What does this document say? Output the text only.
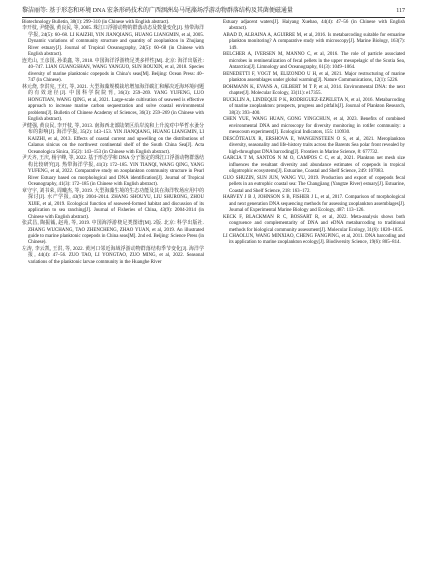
黎洁丽等: 基于形态和环境 DNA 宏条形码技术的广西涠洲岛马尾藻场浮游动物群落结构及其菌便磁通量	117

Biotechnology Bulletin, 38(1): 299–310 (in Chinese with English abstract).

李开枝, 尹健强, 黄良民, 等, 2005. 珠江口浮游动物的群落动态及数量变化[J]. 热带海洋学报, 24(5): 60–68. LI KAIZHI, YIN JIANQIANG, HUANG LIANGMIN, et al, 2005. Dynamic variations of community structure and quantity of zooplankton in Zhujiang River estuary[J]. Journal of Tropical Oceanography, 24(5): 60–68 (in Chinese with English abstract).

连光山, 王彦国, 孙柔鑫, 等, 2018. 中国海洋浮游桡足类多样性[M]. 北京: 海洋出版社: 40–747. LIAN GUANGSHAN, WANG YANGUO, SUN ROUXIN, et al, 2018. Species diversity of marine planktonic copepods in China’s seas[M]. Beijing: Ocean Press: 40–747 (in Chinese).

林元烧, 李洪宪, 王红, 等, 2021. 大型海藻规模栽培增加海洋碳汇和解决近海环境问题的有效途径[J]. 中国科学院院刊, 36(3): 259–269. YANG YUFENG, LUO HONGTIAN, WANG QING, et al, 2021. Large-scale cultivation of seaweed is effective approach to increase marine carbon sequestration and solve coastal environmental problems[J]. Bulletin of Chinese Academy of Sciences, 36(3): 259–269 (in Chinese with English abstract).

尹健强, 黄良民, 李开枝, 等, 2013. 南海西北部陆架区沿岸流和上升流对中华哲水蚤分布的影响[J]. 海洋学报, 35(2): 143–153. YIN JIANQIANG, HUANG LIANGMIN, LI KAIZHI, et al, 2013. Effects of coastal current and upwelling on the distributions of Calanus sinicus on the northwest continental shelf of the South China Sea[J]. Acta Oceanologica Sinica, 35(2): 143–153 (in Chinese with English abstract).

尹天齐, 王庆, 杨宇峰, 等, 2022. 基于形态学和 DNA 分子鉴定的珠江口浮游动物群落结构比较研究[J]. 热带海洋学报, 41(3): 172–185. YIN TIANQI, WANG QING, YANG YUFENG, et al, 2022. Comparative study on zooplankton community structure in Pearl River Estuary based on morphological and DNA identification[J]. Journal of Tropical Oceanography, 41(3): 172–185 (in Chinese with English abstract).

章守宇, 刘书荣, 周曦杰, 等, 2019. 大型海藻生境的生态功能及其在海洋牧场应用中的探讨[J]. 水产学报, 43(9): 2004–2014. ZHANG SHOUYU, LIU SHURONG, ZHOU XIJIE, et al, 2019. Ecological function of seaweed-formed habitat and discussion of its application to sea ranching[J]. Journal of Fisheries of China, 43(9): 2004-2014 (in Chinese with English abstract).

张武昌, 陶振铖, 赵苑, 等, 2019. 中国海浮游桡足类图谱[M]. 2版. 北京: 科学出版社. ZHANG WUCHANG, TAO ZHENCHENG, ZHAO YUAN, et al, 2019. An illustrated guide to marine planktonic copepods in China seas[M]. 2nd ed. Beijing: Science Press (in Chinese).

左涛, 李云凯, 王洪, 等, 2022. 黄河口邻近海域浮游动物群落结构季节变化[J]. 海洋学报, 44(4): 47–56. ZUO TAO, LI YONGTAO, ZUO MING, et al, 2022. Seasonal variations of the planktonic larvae community in the Huanghe River

Estuary adjacent waters[J]. Haiyang Xuebao, 44(4): 47–56 (in Chinese with English abstract).

ABAD D, ALBAINA A, AGUIRRE M, et al, 2016. Is metabarcoding suitable for estuarine plankton monitoring? A comparative study with microscopy[J]. Marine Biology, 163(7): 149.

BELCHER A, IVERSEN M, MANNO C, et al, 2016. The role of particle associated microbes in remineralization of fecal pellets in the upper mesopelagic of the Scotia Sea, Antarctica[J]. Limnology and Oceanography, 61(3): 1049–1064.

BENEDETTI F, VOGT M, ELIZONDO U H, et al, 2021. Major restructuring of marine plankton assemblages under global warming[J]. Nature Communications, 12(1): 5226.

BOHMANN K, EVANS A, GILBERT M T P, et al, 2014. Environmental DNA: the next chapter[J]. Molecular Ecology, 33(11): e17355.

BUCKLIN A, LINDEQUE P K, RODRIGUEZ-EZPELETA N, et al, 2016. Metabarcoding of marine zooplankton: prospects, progress and pitfalls[J]. Journal of Plankton Research, 38(3): 393–400.

CHEN YUE, WANG HUAN, GONG YINGCHUN, et al, 2023. Benefits of combined environmental DNA and microscopy for diversity monitoring in rotifer community: a mesocosm experiment[J]. Ecological Indicators, 155: 110930.

DESCÔTEAUX R, ERSHOVA E, WANGENSTEEN O S, et al, 2021. Meroplankton diversity, seasonality and life-history traits across the Barents Sea polar front revealed by high-throughput DNA barcoding[J]. Frontiers in Marine Science, 8: 677732.

GARCIA T M, SANTOS N M O, CAMPOS C C, et al, 2021. Plankton net mesh size influences the resultant diversity and abundance estimates of copepods in tropical oligotrophic ecosystems[J]. Estuarine, Coastal and Shelf Science, 249: 107083.

GUO SHUZIN, SUN JUN, WANG YU, 2019. Production and export of copepods fecal pellets in an eutrophic coastal sea: The Changjiang (Yangtze River) estuary[J]. Estuarine, Coastal and Shelf Science, 218: 163–172.

HARVEY J B J, JOHNSON S B, FISHER J L, et al, 2017. Comparison of morphological and next generation DNA sequencing methods for assessing zooplankton assemblages[J]. Journal of Experimental Marine Biology and Ecology, 487: 113–126.

KECK F, BLACKMAN R C, BOSSART R, et al, 2022. Meta-analysis shows both congruence and complementarity of DNA and eDNA metabarcoding to traditional methods for biological community assessment[J]. Molecular Ecology, 31(6): 1820–1835.

LI CHAOLUN, WANG MINXIAO, CHENG FANGPING, et al, 2011. DNA barcoding and its application to marine zooplankton ecology[J]. Biodiversity Science, 19(6): 805–814.
